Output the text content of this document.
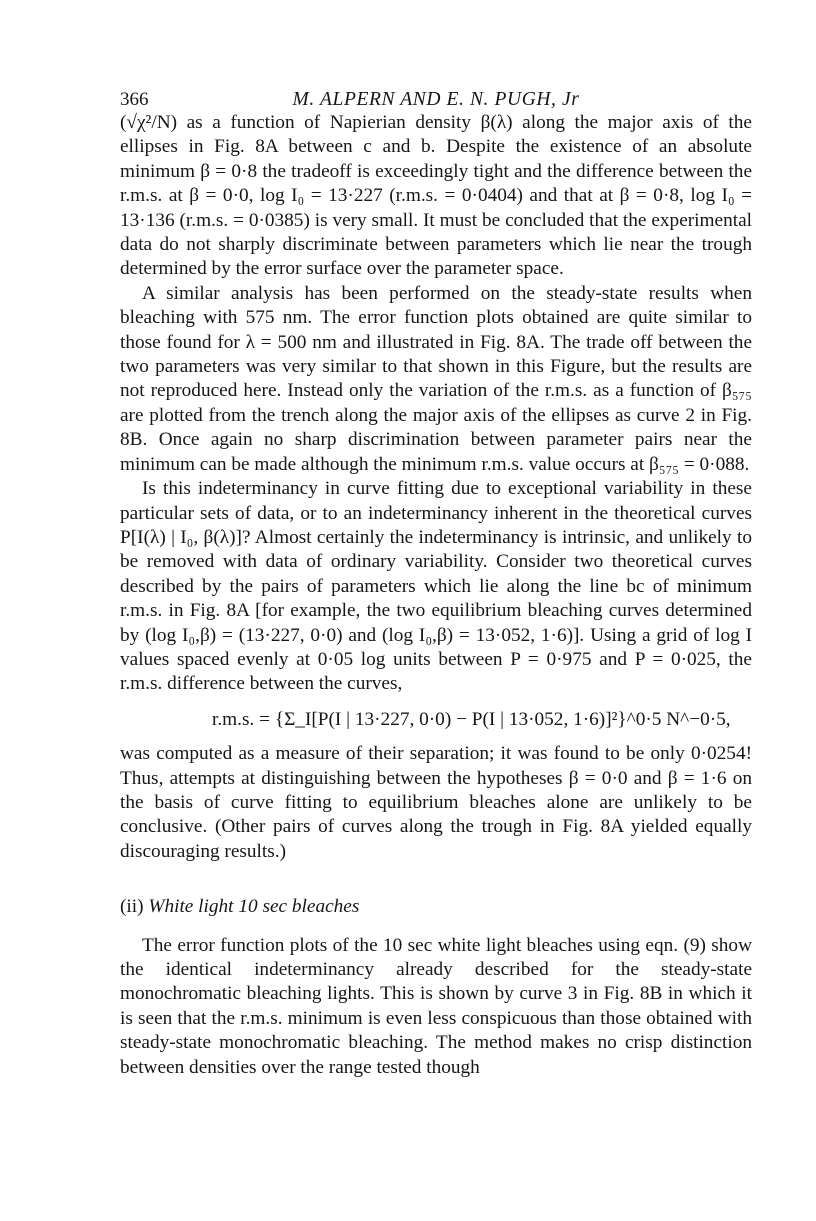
366	M. ALPERN AND E. N. PUGH, Jr

(√χ²/N) as a function of Napierian density β(λ) along the major axis of the ellipses in Fig. 8A between c and b. Despite the existence of an absolute minimum β = 0·8 the tradeoff is exceedingly tight and the difference between the r.m.s. at β = 0·0, log I₀ = 13·227 (r.m.s. = 0·0404) and that at β = 0·8, log I₀ = 13·136 (r.m.s. = 0·0385) is very small. It must be concluded that the experimental data do not sharply discriminate between parameters which lie near the trough determined by the error surface over the parameter space.

A similar analysis has been performed on the steady-state results when bleaching with 575 nm. The error function plots obtained are quite similar to those found for λ = 500 nm and illustrated in Fig. 8A. The trade off between the two parameters was very similar to that shown in this Figure, but the results are not reproduced here. Instead only the variation of the r.m.s. as a function of β₅₇₅ are plotted from the trench along the major axis of the ellipses as curve 2 in Fig. 8B. Once again no sharp discrimination between parameter pairs near the minimum can be made although the minimum r.m.s. value occurs at β₅₇₅ = 0·088.

Is this indeterminancy in curve fitting due to exceptional variability in these particular sets of data, or to an indeterminancy inherent in the theoretical curves P[I(λ) | I₀, β(λ)]? Almost certainly the indeterminancy is intrinsic, and unlikely to be removed with data of ordinary variability. Consider two theoretical curves described by the pairs of parameters which lie along the line bc of minimum r.m.s. in Fig. 8A [for example, the two equilibrium bleaching curves determined by (log I₀,β) = (13·227, 0·0) and (log I₀,β) = 13·052, 1·6)]. Using a grid of log I values spaced evenly at 0·05 log units between P = 0·975 and P = 0·025, the r.m.s. difference between the curves,

r.m.s. = {Σ_I[P(I | 13·227, 0·0) − P(I | 13·052, 1·6)]²}^0·5 N^−0·5,

was computed as a measure of their separation; it was found to be only 0·0254! Thus, attempts at distinguishing between the hypotheses β = 0·0 and β = 1·6 on the basis of curve fitting to equilibrium bleaches alone are unlikely to be conclusive. (Other pairs of curves along the trough in Fig. 8A yielded equally discouraging results.)

(ii) White light 10 sec bleaches

The error function plots of the 10 sec white light bleaches using eqn. (9) show the identical indeterminancy already described for the steady-state monochromatic bleaching lights. This is shown by curve 3 in Fig. 8B in which it is seen that the r.m.s. minimum is even less conspicuous than those obtained with steady-state monochromatic bleaching. The method makes no crisp distinction between densities over the range tested though
